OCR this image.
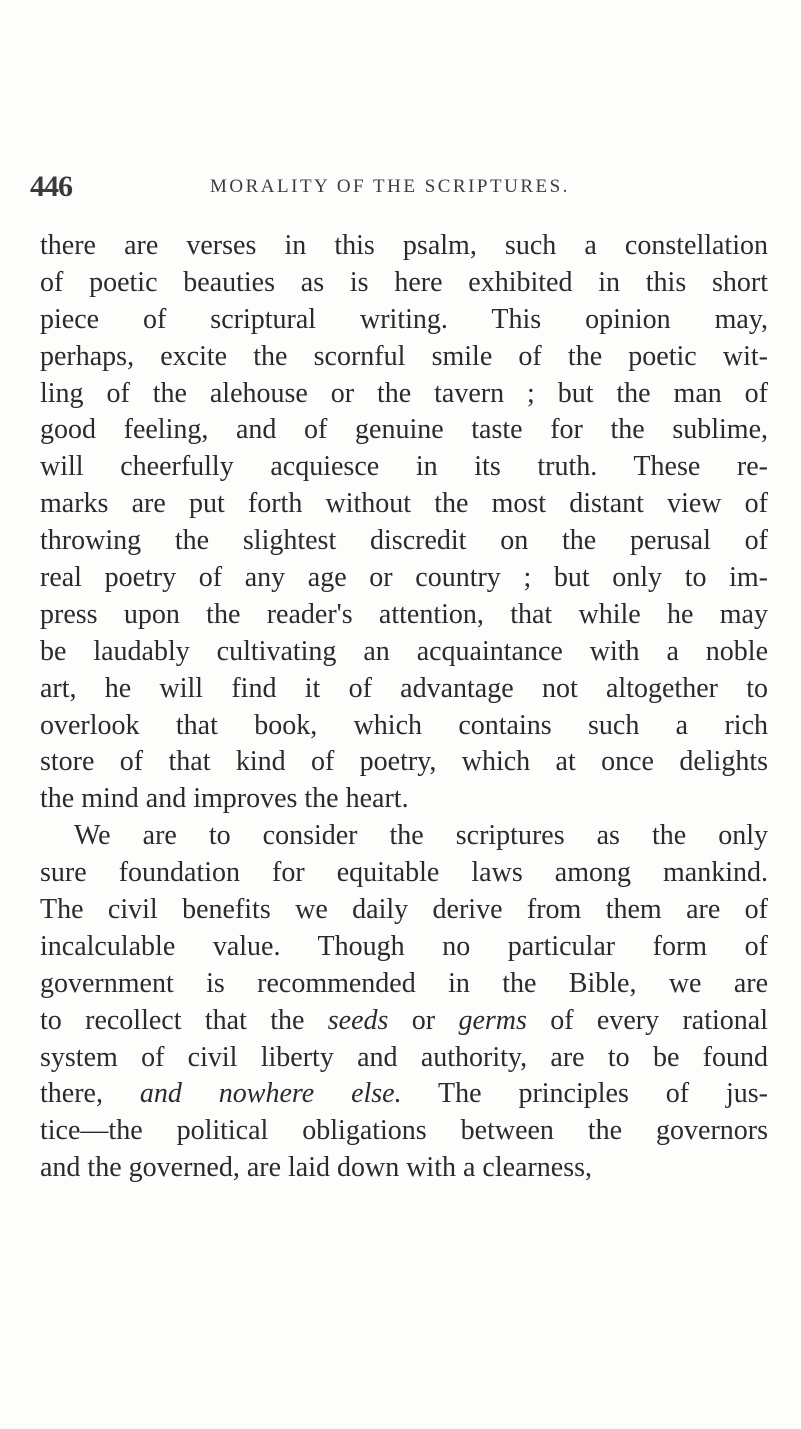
446	MORALITY OF THE SCRIPTURES.
there are verses in this psalm, such a constellation
of poetic beauties as is here exhibited in this short
piece of scriptural writing. This opinion may,
perhaps, excite the scornful smile of the poetic wit-
ling of the alehouse or the tavern ; but the man of
good feeling, and of genuine taste for the sublime,
will cheerfully acquiesce in its truth. These re-
marks are put forth without the most distant view of
throwing the slightest discredit on the perusal of
real poetry of any age or country ; but only to im-
press upon the reader's attention, that while he may
be laudably cultivating an acquaintance with a noble
art, he will find it of advantage not altogether to
overlook that book, which contains such a rich
store of that kind of poetry, which at once delights
the mind and improves the heart.
We are to consider the scriptures as the only
sure foundation for equitable laws among mankind.
The civil benefits we daily derive from them are of
incalculable value. Though no particular form of
government is recommended in the Bible, we are
to recollect that the seeds or germs of every rational
system of civil liberty and authority, are to be found
there, and nowhere else. The principles of jus-
tice—the political obligations between the governors
and the governed, are laid down with a clearness,
